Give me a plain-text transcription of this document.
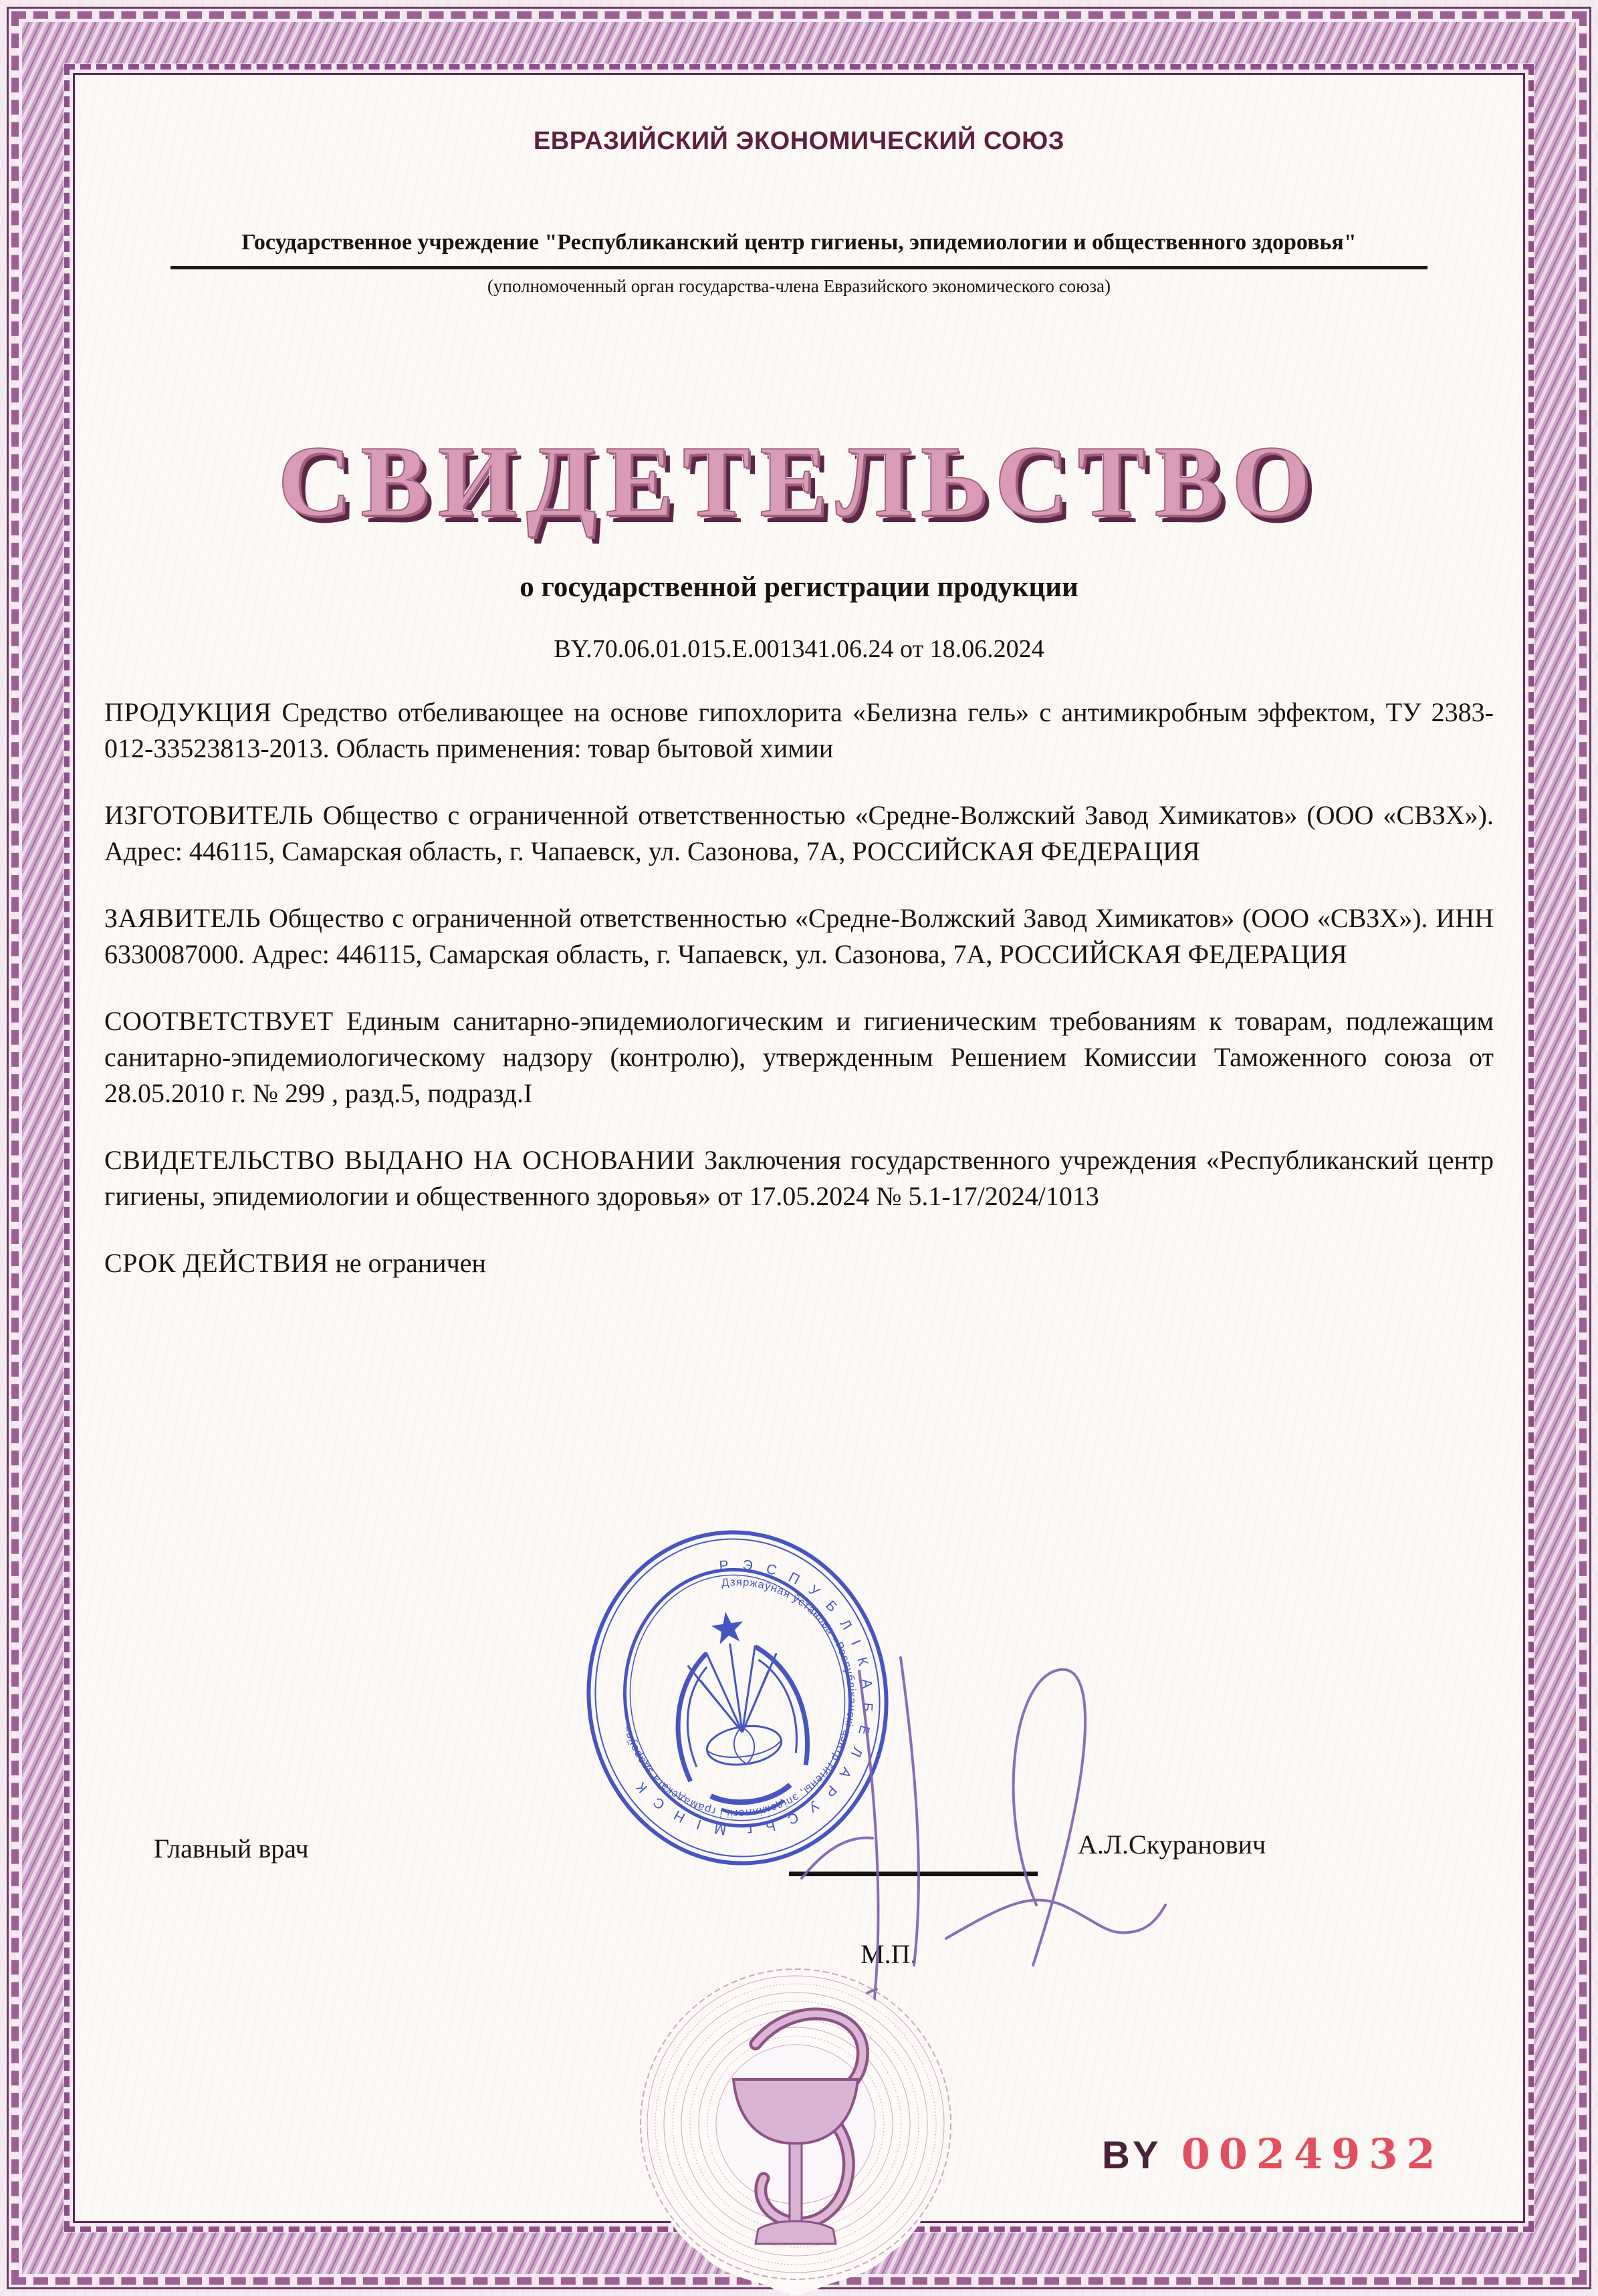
ЕВРАЗИЙСКИЙ ЭКОНОМИЧЕСКИЙ СОЮЗ
Государственное учреждение "Республиканский центр гигиены, эпидемиологии и общественного здоровья"
(уполномоченный орган государства-члена Евразийского экономического союза)
СВИДЕТЕЛЬСТВО
о государственной регистрации продукции
BY.70.06.01.015.E.001341.06.24 от 18.06.2024

ПРОДУКЦИЯ Средство отбеливающее на основе гипохлорита «Белизна гель» с антимикробным эффектом, ТУ 2383-012-33523813-2013. Область применения: товар бытовой химии

ИЗГОТОВИТЕЛЬ Общество с ограниченной ответственностью «Средне-Волжский Завод Химикатов» (ООО «СВЗХ»). Адрес: 446115, Самарская область, г. Чапаевск, ул. Сазонова, 7А, РОССИЙСКАЯ ФЕДЕРАЦИЯ

ЗАЯВИТЕЛЬ Общество с ограниченной ответственностью «Средне-Волжский Завод Химикатов» (ООО «СВЗХ»). ИНН 6330087000. Адрес: 446115, Самарская область, г. Чапаевск, ул. Сазонова, 7А, РОССИЙСКАЯ ФЕДЕРАЦИЯ

СООТВЕТСТВУЕТ Единым санитарно-эпидемиологическим и гигиеническим требованиям к товарам, подлежащим санитарно-эпидемиологическому надзору (контролю), утвержденным Решением Комиссии Таможенного союза от 28.05.2010 г. № 299 , разд.5, подразд.I

СВИДЕТЕЛЬСТВО ВЫДАНО НА ОСНОВАНИИ Заключения государственного учреждения «Республиканский центр гигиены, эпидемиологии и общественного здоровья» от 17.05.2024 № 5.1-17/2024/1013

СРОК ДЕЙСТВИЯ не ограничен

Р Э С П У Б Л І К А Б Е Л А Р У С Ь г. М І Н С К
Дзяржаўная ўстанова «Рэспубліканскі цэнтр гігіены, эпідэміялогіі і грамадскага здароўя»
Главный врач	А.Л.Скуранович
М.П.
BY 0024932
